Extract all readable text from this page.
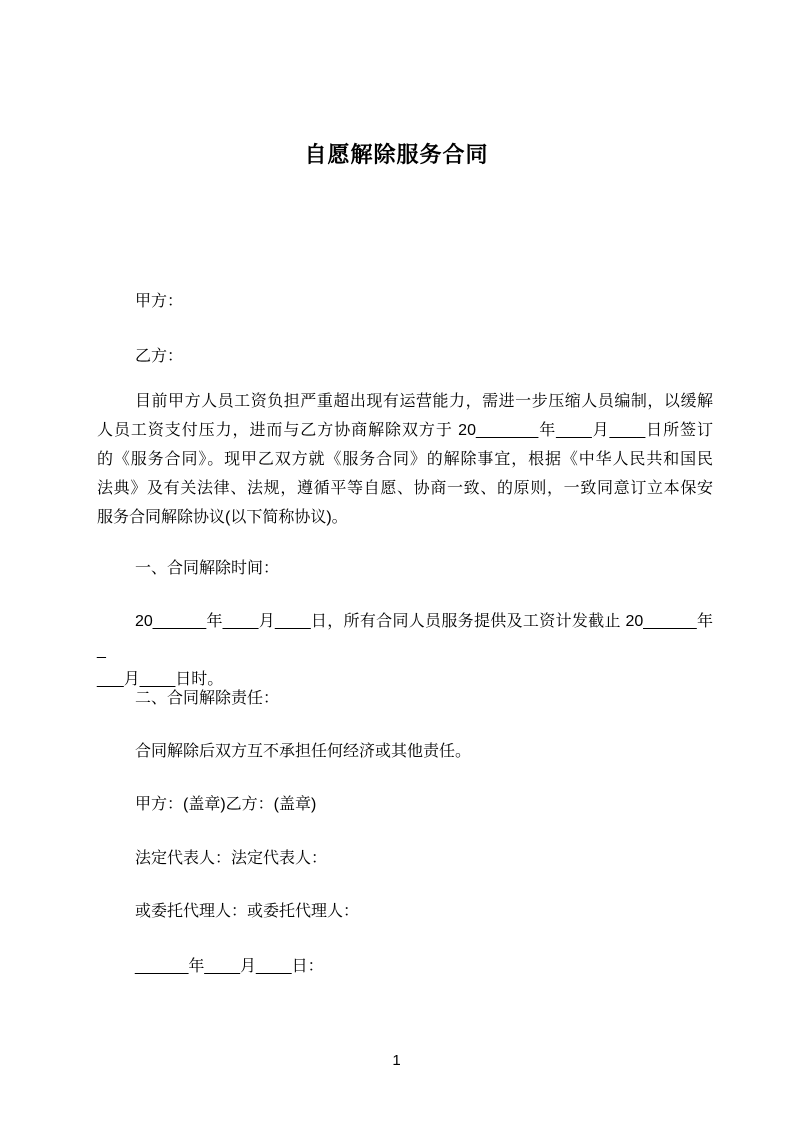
自愿解除服务合同
甲方：
乙方：
目前甲方人员工资负担严重超出现有运营能力，需进一步压缩人员编制，以缓解
人员工资支付压力，进而与乙方协商解除双方于 20_______年____月____日所签订
的《服务合同》。现甲乙双方就《服务合同》的解除事宜，根据《中华人民共和国民
法典》及有关法律、法规，遵循平等自愿、协商一致、的原则，一致同意订立本保安
服务合同解除协议(以下简称协议)。
一、合同解除时间：
20______年____月____日，所有合同人员服务提供及工资计发截止 20______年_
___月____日时。
二、合同解除责任：
合同解除后双方互不承担任何经济或其他责任。
甲方：(盖章)乙方：(盖章)
法定代表人：法定代表人：
或委托代理人：或委托代理人：
______年____月____日：
1
